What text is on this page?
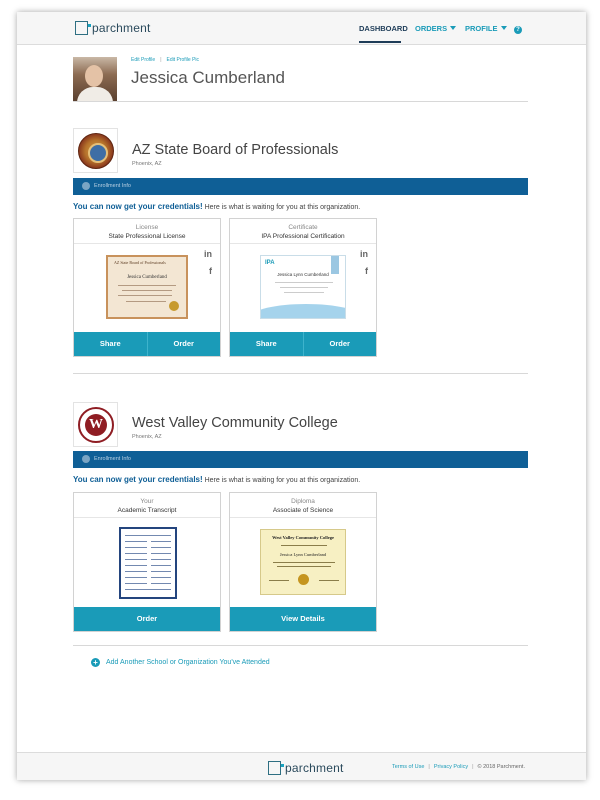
parchment	DASHBOARD ORDERS	PROFILE	?
Edit Profile | Edit Profile Pic
Jessica Cumberland
AZ State Board of Professionals
Phoenix, AZ
Enrollment Info
You can now get your credentials! Here is what is waiting for you at this organization.
License
State Professional License
in
f
AZ State Board of Professionals
Jessica Cumberland
Share	Order
Certificate
IPA Professional Certification
in
f
IPA
Jessica Lynn Cumberland
Share	Order
W West Valley Community College
Phoenix, AZ
Enrollment Info
You can now get your credentials! Here is what is waiting for you at this organization.
Your
Academic Transcript
Order
Diploma
Associate of Science
West Valley Community College
Jessica Lynn Cumberland
View Details
+	Add Another School or Organization You've Attended
parchment	Terms of Use | Privacy Policy | © 2018 Parchment.
